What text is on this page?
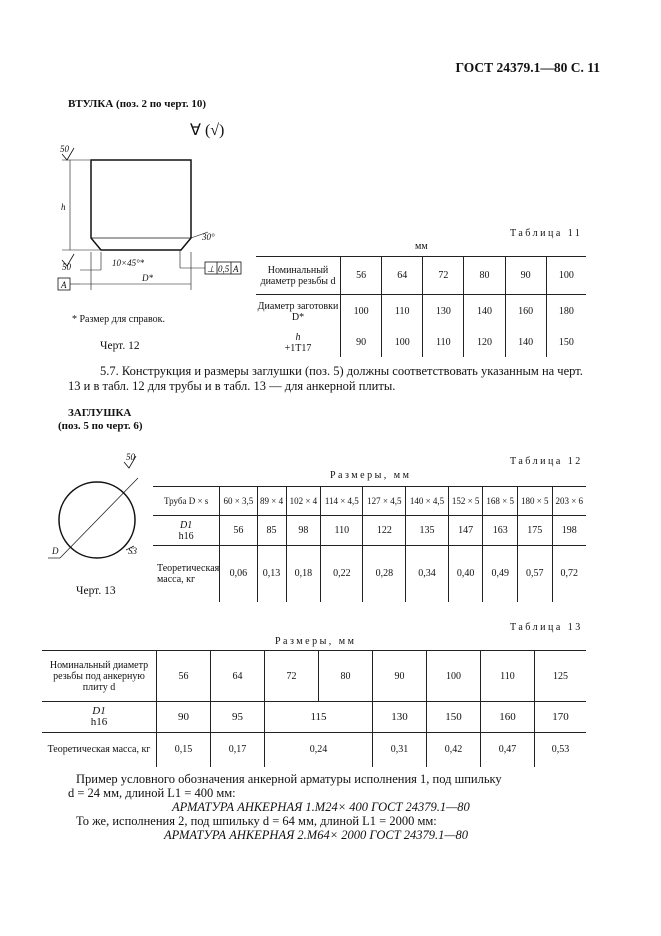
ГОСТ 24379.1—80 С. 11
ВТУЛКА (поз. 2 по черт. 10)
∀ (√)
50
h
50	10×45°*
D*
⊥ 0,5 A
A
30°
* Размер для справок.
Черт. 12
Таблица 11
мм
Номинальный диаметр резьбы d	56	64	72	80	90	100
Диаметр заготовки D*	100	110	130	140	160	180
h
+1T17	90	100	110	120	140	150
5.7. Конструкция и размеры заглушки (поз. 5) должны соответствовать указанным на черт. 13 и в табл. 12 для трубы и в табл. 13 — для анкерной плиты.
ЗАГЛУШКА
(поз. 5 по черт. 6)
50
D	S3
Черт. 13
Таблица 12
Размеры, мм
Труба D × s	60 × 3,5	89 × 4	102 × 4	114 × 4,5	127 × 4,5	140 × 4,5	152 × 5	168 × 5	180 × 5	203 × 6
D1
h16	56	85	98	110	122	135	147	163	175	198
Теоретическая масса, кг	0,06	0,13	0,18	0,22	0,28	0,34	0,40	0,49	0,57	0,72
Таблица 13
Размеры, мм
Номинальный диаметр резьбы под анкерную плиту d	56	64	72	80	90	100	110	125
D1
h16	90	95	115		130	150	160	170
Теоретическая масса, кг	0,15	0,17	0,24		0,31	0,42	0,47	0,53
Пример условного обозначения анкерной арматуры исполнения 1, под шпильку
d = 24 мм, длиной L1 = 400 мм:
АРМАТУРА АНКЕРНАЯ 1.М24× 400 ГОСТ 24379.1—80
То же, исполнения 2, под шпильку d = 64 мм, длиной L1 = 2000 мм:
АРМАТУРА АНКЕРНАЯ 2.М64× 2000 ГОСТ 24379.1—80
